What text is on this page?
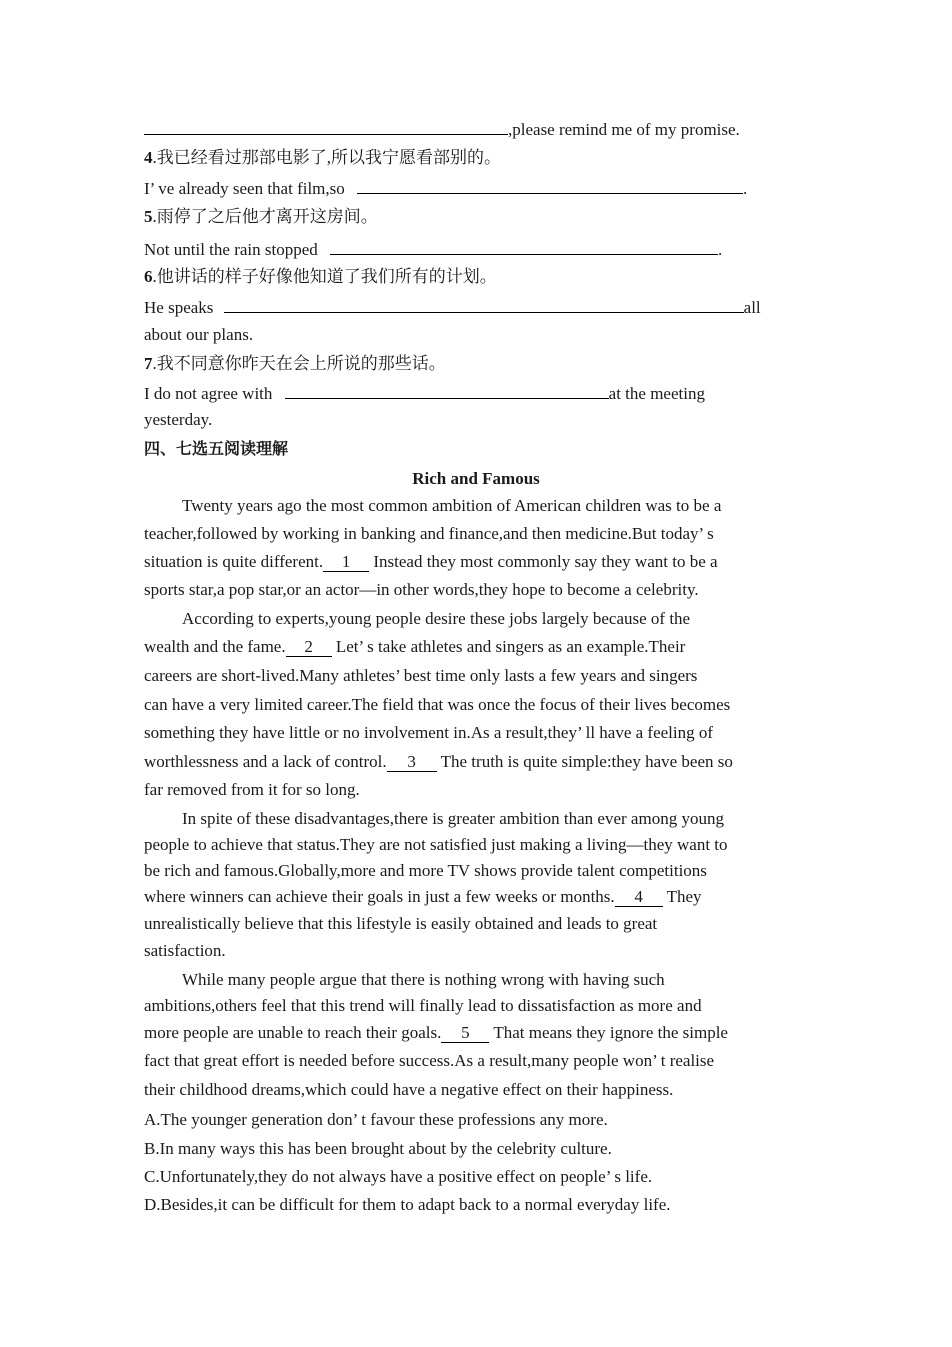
,please remind me of my promise.
4.我已经看过那部电影了,所以我宁愿看部别的。
I’ ve already seen that film,so	.
5.雨停了之后他才离开这房间。
Not until the rain stopped	.
6.他讲话的样子好像他知道了我们所有的计划。
He speaks	all
about our plans.
7.我不同意你昨天在会上所说的那些话。
I do not agree with	at the meeting
yesterday.
四、七选五阅读理解
Rich and Famous
Twenty years ago the most common ambition of American children was to be a
teacher,followed by working in banking and finance,and then medicine.But today’ s
situation is quite different. 1 Instead they most commonly say they want to be a
sports star,a pop star,or an actor—in other words,they hope to become a celebrity.
According to experts,young people desire these jobs largely because of the
wealth and the fame. 2 Let’ s take athletes and singers as an example.Their
careers are short-lived.Many athletes’ best time only lasts a few years and singers
can have a very limited career.The field that was once the focus of their lives becomes
something they have little or no involvement in.As a result,they’ ll have a feeling of
worthlessness and a lack of control. 3 The truth is quite simple:they have been so
far removed from it for so long.
In spite of these disadvantages,there is greater ambition than ever among young
people to achieve that status.They are not satisfied just making a living—they want to
be rich and famous.Globally,more and more TV shows provide talent competitions
where winners can achieve their goals in just a few weeks or months. 4 They
unrealistically believe that this lifestyle is easily obtained and leads to great
satisfaction.
While many people argue that there is nothing wrong with having such
ambitions,others feel that this trend will finally lead to dissatisfaction as more and
more people are unable to reach their goals. 5 That means they ignore the simple
fact that great effort is needed before success.As a result,many people won’ t realise
their childhood dreams,which could have a negative effect on their happiness.
A.The younger generation don’ t favour these professions any more.
B.In many ways this has been brought about by the celebrity culture.
C.Unfortunately,they do not always have a positive effect on people’ s life.
D.Besides,it can be difficult for them to adapt back to a normal everyday life.
